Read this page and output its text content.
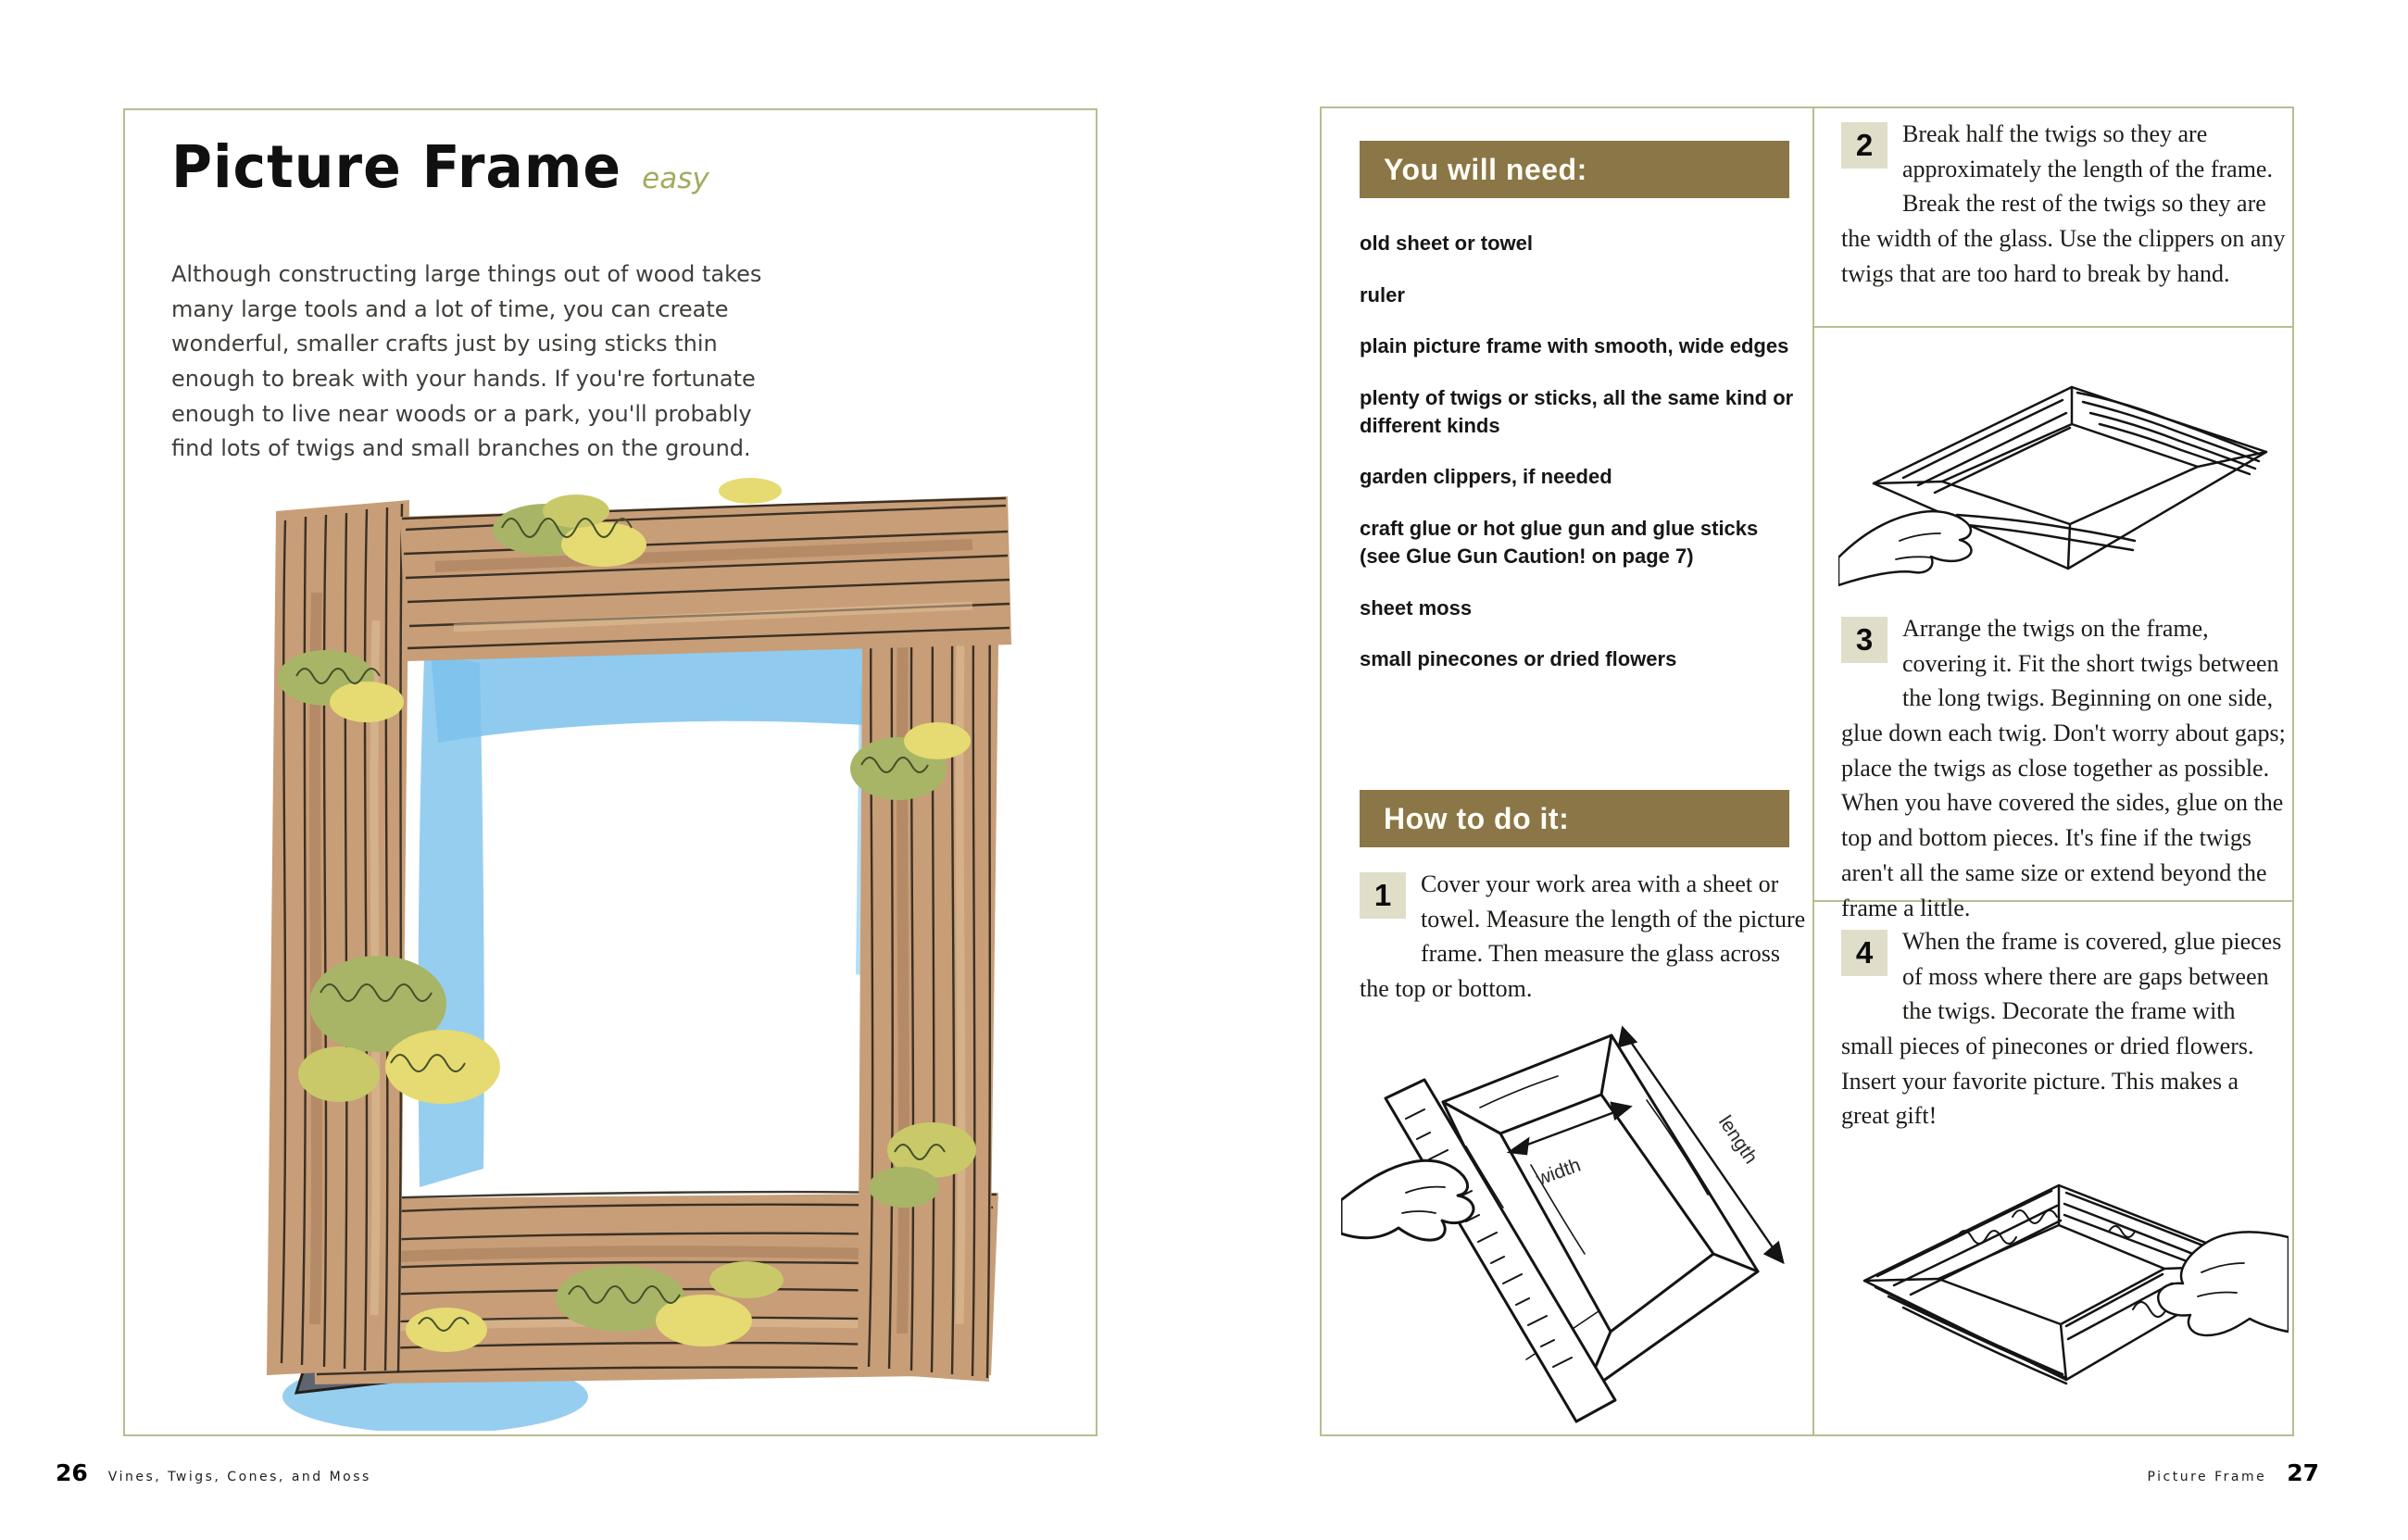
Picture Frame easy

Although constructing large things out of wood takes many large tools and a lot of time, you can create wonderful, smaller crafts just by using sticks thin enough to break with your hands. If you're fortunate enough to live near woods or a park, you'll probably find lots of twigs and small branches on the ground.

26 Vines, Twigs, Cones, and Moss
You will need:
old sheet or towel
ruler
plain picture frame with smooth, wide edges
plenty of twigs or sticks, all the same kind or different kinds
garden clippers, if needed
craft glue or hot glue gun and glue sticks (see Glue Gun Caution! on page 7)
sheet moss
small pinecones or dried flowers
How to do it:
1	Cover your work area with a sheet or towel. Measure the length of the picture frame. Then measure the glass across the top or bottom.
width
length
2	Break half the twigs so they are approximately the length of the frame. Break the rest of the twigs so they are the width of the glass. Use the clippers on any twigs that are too hard to break by hand.
3	Arrange the twigs on the frame, covering it. Fit the short twigs between the long twigs. Beginning on one side, glue down each twig. Don't worry about gaps; place the twigs as close together as possible. When you have covered the sides, glue on the top and bottom pieces. It's fine if the twigs aren't all the same size or extend beyond the frame a little.
4	When the frame is covered, glue pieces of moss where there are gaps between the twigs. Decorate the frame with small pieces of pinecones or dried flowers. Insert your favorite picture. This makes a great gift!
Picture Frame 27
